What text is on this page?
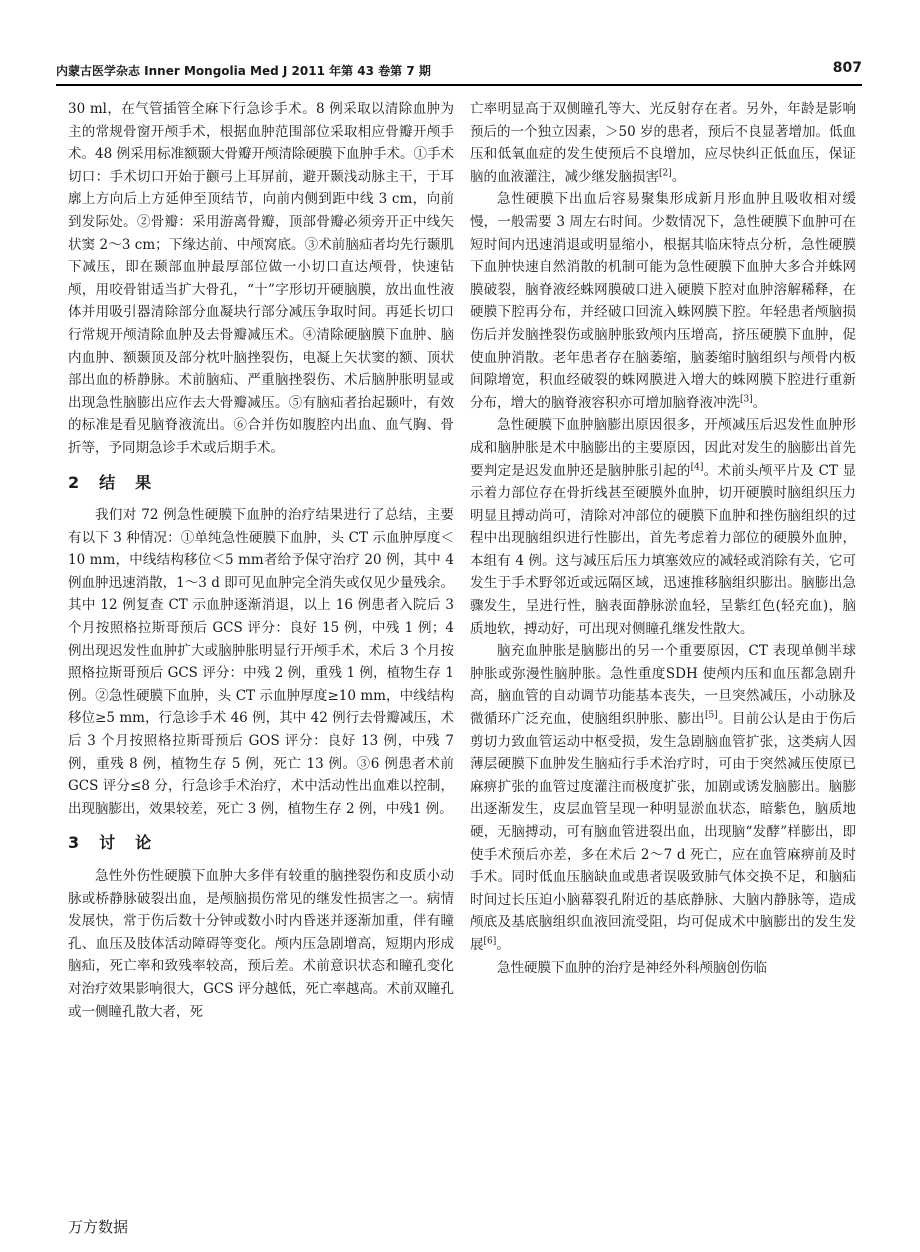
内蒙古医学杂志 Inner Mongolia Med J 2011 年第 43 卷第 7 期	807

30 ml，在气管插管全麻下行急诊手术。8 例采取以清除血肿为主的常规骨窗开颅手术，根据血肿范围部位采取相应骨瓣开颅手术。48 例采用标准额颞大骨瓣开颅清除硬膜下血肿手术。①手术切口：手术切口开始于颧弓上耳屏前，避开颞浅动脉主干，于耳廓上方向后上方延伸至顶结节，向前内侧到距中线 3 cm，向前到发际处。②骨瓣：采用游离骨瓣，顶部骨瓣必须旁开正中线矢状窦 2～3 cm；下缘达前、中颅窝底。③术前脑疝者均先行颞肌下减压，即在颞部血肿最厚部位做一小切口直达颅骨，快速钻颅，用咬骨钳适当扩大骨孔，“十”字形切开硬脑膜，放出血性液体并用吸引器清除部分血凝块行部分减压争取时间。再延长切口行常规开颅清除血肿及去骨瓣减压术。④清除硬脑膜下血肿、脑内血肿、额颞顶及部分枕叶脑挫裂伤，电凝上矢状窦的额、顶状部出血的桥静脉。术前脑疝、严重脑挫裂伤、术后脑肿胀明显或出现急性脑膨出应作去大骨瓣减压。⑤有脑疝者抬起颞叶，有效的标准是看见脑脊液流出。⑥合并伤如腹腔内出血、血气胸、骨折等，予同期急诊手术或后期手术。

2 结　果

我们对 72 例急性硬膜下血肿的治疗结果进行了总结，主要有以下 3 种情况：①单纯急性硬膜下血肿，头 CT 示血肿厚度＜10 mm，中线结构移位＜5 mm者给予保守治疗 20 例，其中 4 例血肿迅速消散，1～3 d 即可见血肿完全消失或仅见少量残余。其中 12 例复查 CT 示血肿逐渐消退，以上 16 例患者入院后 3 个月按照格拉斯哥预后 GCS 评分：良好 15 例，中残 1 例；4 例出现迟发性血肿扩大或脑肿胀明显行开颅手术，术后 3 个月按照格拉斯哥预后 GCS 评分：中残 2 例，重残 1 例，植物生存 1 例。②急性硬膜下血肿，头 CT 示血肿厚度≥10 mm，中线结构移位≥5 mm，行急诊手术 46 例，其中 42 例行去骨瓣减压，术后 3 个月按照格拉斯哥预后 GOS 评分：良好 13 例，中残 7 例，重残 8 例，植物生存 5 例，死亡 13 例。③6 例患者术前 GCS 评分≤8 分，行急诊手术治疗，术中活动性出血难以控制，出现脑膨出，效果较差，死亡 3 例，植物生存 2 例，中残1 例。

3 讨　论

急性外伤性硬膜下血肿大多伴有较重的脑挫裂伤和皮质小动脉或桥静脉破裂出血，是颅脑损伤常见的继发性损害之一。病情发展快，常于伤后数十分钟或数小时内昏迷并逐渐加重，伴有瞳孔、血压及肢体活动障碍等变化。颅内压急剧增高，短期内形成脑疝，死亡率和致残率较高，预后差。术前意识状态和瞳孔变化对治疗效果影响很大，GCS 评分越低，死亡率越高。术前双瞳孔或一侧瞳孔散大者，死

亡率明显高于双侧瞳孔等大、光反射存在者。另外，年龄是影响预后的一个独立因素，＞50 岁的患者，预后不良显著增加。低血压和低氧血症的发生使预后不良增加，应尽快纠正低血压，保证脑的血液灌注，减少继发脑损害[2]。

急性硬膜下出血后容易聚集形成新月形血肿且吸收相对缓慢，一般需要 3 周左右时间。少数情况下，急性硬膜下血肿可在短时间内迅速消退或明显缩小，根据其临床特点分析，急性硬膜下血肿快速自然消散的机制可能为急性硬膜下血肿大多合并蛛网膜破裂，脑脊液经蛛网膜破口进入硬膜下腔对血肿溶解稀释，在硬膜下腔再分布，并经破口回流入蛛网膜下腔。年轻患者颅脑损伤后并发脑挫裂伤或脑肿胀致颅内压增高，挤压硬膜下血肿，促使血肿消散。老年患者存在脑萎缩，脑萎缩时脑组织与颅骨内板间隙增宽，积血经破裂的蛛网膜进入增大的蛛网膜下腔进行重新分布，增大的脑脊液容积亦可增加脑脊液冲洗[3]。

急性硬膜下血肿脑膨出原因很多，开颅减压后迟发性血肿形成和脑肿胀是术中脑膨出的主要原因，因此对发生的脑膨出首先要判定是迟发血肿还是脑肿胀引起的[4]。术前头颅平片及 CT 显示着力部位存在骨折线甚至硬膜外血肿，切开硬膜时脑组织压力明显且搏动尚可，清除对冲部位的硬膜下血肿和挫伤脑组织的过程中出现脑组织进行性膨出，首先考虑着力部位的硬膜外血肿，本组有 4 例。这与减压后压力填塞效应的减轻或消除有关，它可发生于手术野邻近或远隔区域，迅速推移脑组织膨出。脑膨出急骤发生，呈进行性，脑表面静脉淤血轻，呈紫红色(轻充血)，脑质地软，搏动好，可出现对侧瞳孔继发性散大。

脑充血肿胀是脑膨出的另一个重要原因，CT 表现单侧半球肿胀或弥漫性脑肿胀。急性重度SDH 使颅内压和血压都急剧升高，脑血管的自动调节功能基本丧失，一旦突然减压，小动脉及微循环广泛充血，使脑组织肿胀、膨出[5]。目前公认是由于伤后剪切力致血管运动中枢受损，发生急剧脑血管扩张，这类病人因薄层硬膜下血肿发生脑疝行手术治疗时，可由于突然减压使原已麻痹扩张的血管过度灌注而极度扩张，加剧或诱发脑膨出。脑膨出逐渐发生，皮层血管呈现一种明显淤血状态，暗紫色，脑质地硬，无脑搏动，可有脑血管进裂出血，出现脑“发酵”样膨出，即使手术预后亦差，多在术后 2～7 d 死亡，应在血管麻痹前及时手术。同时低血压脑缺血或患者误吸致肺气体交换不足，和脑疝时间过长压迫小脑幕裂孔附近的基底静脉、大脑内静脉等，造成颅底及基底脑组织血液回流受阻，均可促成术中脑膨出的发生发展[6]。

急性硬膜下血肿的治疗是神经外科颅脑创伤临

万方数据
